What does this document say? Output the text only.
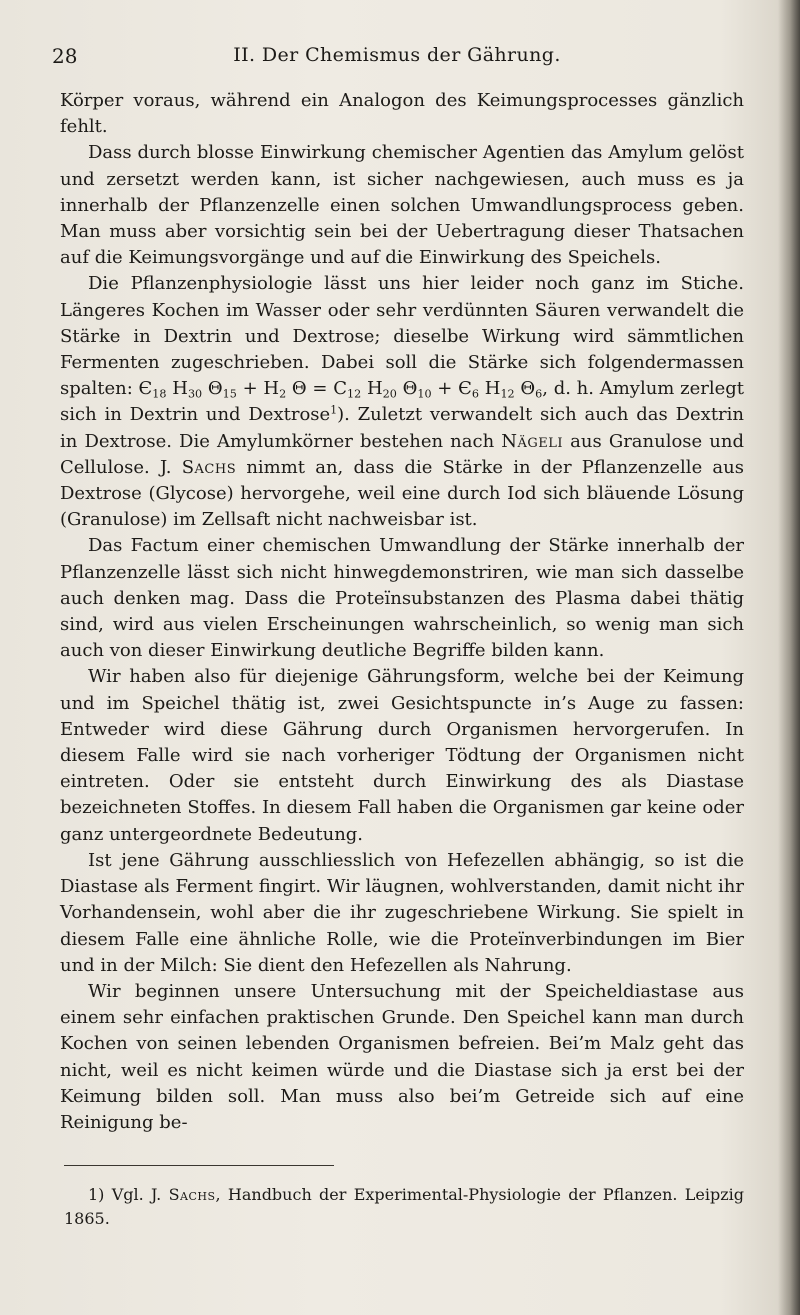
28	II. Der Chemismus der Gährung.

Körper voraus, während ein Analogon des Keimungsprocesses gänzlich fehlt.

Dass durch blosse Einwirkung chemischer Agentien das Amylum gelöst und zersetzt werden kann, ist sicher nachgewiesen, auch muss es ja innerhalb der Pflanzenzelle einen solchen Umwandlungsprocess geben. Man muss aber vorsichtig sein bei der Uebertragung dieser Thatsachen auf die Keimungsvorgänge und auf die Einwirkung des Speichels.

Die Pflanzenphysiologie lässt uns hier leider noch ganz im Stiche. Längeres Kochen im Wasser oder sehr verdünnten Säuren verwandelt die Stärke in Dextrin und Dextrose; dieselbe Wirkung wird sämmtlichen Fermenten zugeschrieben. Dabei soll die Stärke sich folgendermassen spalten: $Є_{18}$ $H_{30}$ $\Theta_{15} + H_2$ $\Theta = C_{12}$ $H_{20}$ $\Theta_{10} + Є_6$ $H_{12}$ $\Theta_6$, d. h. Amylum zerlegt sich in Dextrin und Dextrose$^1$). Zuletzt verwandelt sich auch das Dextrin in Dextrose. Die Amylumkörner bestehen nach Nägeli aus Granulose und Cellulose. J. Sachs nimmt an, dass die Stärke in der Pflanzenzelle aus Dextrose (Glycose) hervorgehe, weil eine durch Iod sich bläuende Lösung (Granulose) im Zellsaft nicht nachweisbar ist.

Das Factum einer chemischen Umwandlung der Stärke innerhalb der Pflanzenzelle lässt sich nicht hinwegdemonstriren, wie man sich dasselbe auch denken mag. Dass die Proteïnsubstanzen des Plasma dabei thätig sind, wird aus vielen Erscheinungen wahrscheinlich, so wenig man sich auch von dieser Einwirkung deutliche Begriffe bilden kann.

Wir haben also für diejenige Gährungsform, welche bei der Keimung und im Speichel thätig ist, zwei Gesichtspuncte in’s Auge zu fassen: Entweder wird diese Gährung durch Organismen hervorgerufen. In diesem Falle wird sie nach vorheriger Tödtung der Organismen nicht eintreten. Oder sie entsteht durch Einwirkung des als Diastase bezeichneten Stoffes. In diesem Fall haben die Organismen gar keine oder ganz untergeordnete Bedeutung.

Ist jene Gährung ausschliesslich von Hefezellen abhängig, so ist die Diastase als Ferment fingirt. Wir läugnen, wohlverstanden, damit nicht ihr Vorhandensein, wohl aber die ihr zugeschriebene Wirkung. Sie spielt in diesem Falle eine ähnliche Rolle, wie die Proteïnverbindungen im Bier und in der Milch: Sie dient den Hefezellen als Nahrung.

Wir beginnen unsere Untersuchung mit der Speicheldiastase aus einem sehr einfachen praktischen Grunde. Den Speichel kann man durch Kochen von seinen lebenden Organismen befreien. Bei’m Malz geht das nicht, weil es nicht keimen würde und die Diastase sich ja erst bei der Keimung bilden soll. Man muss also bei’m Getreide sich auf eine Reinigung be-

1) Vgl. J. Sachs, Handbuch der Experimental-Physiologie der Pflanzen. Leipzig 1865.
